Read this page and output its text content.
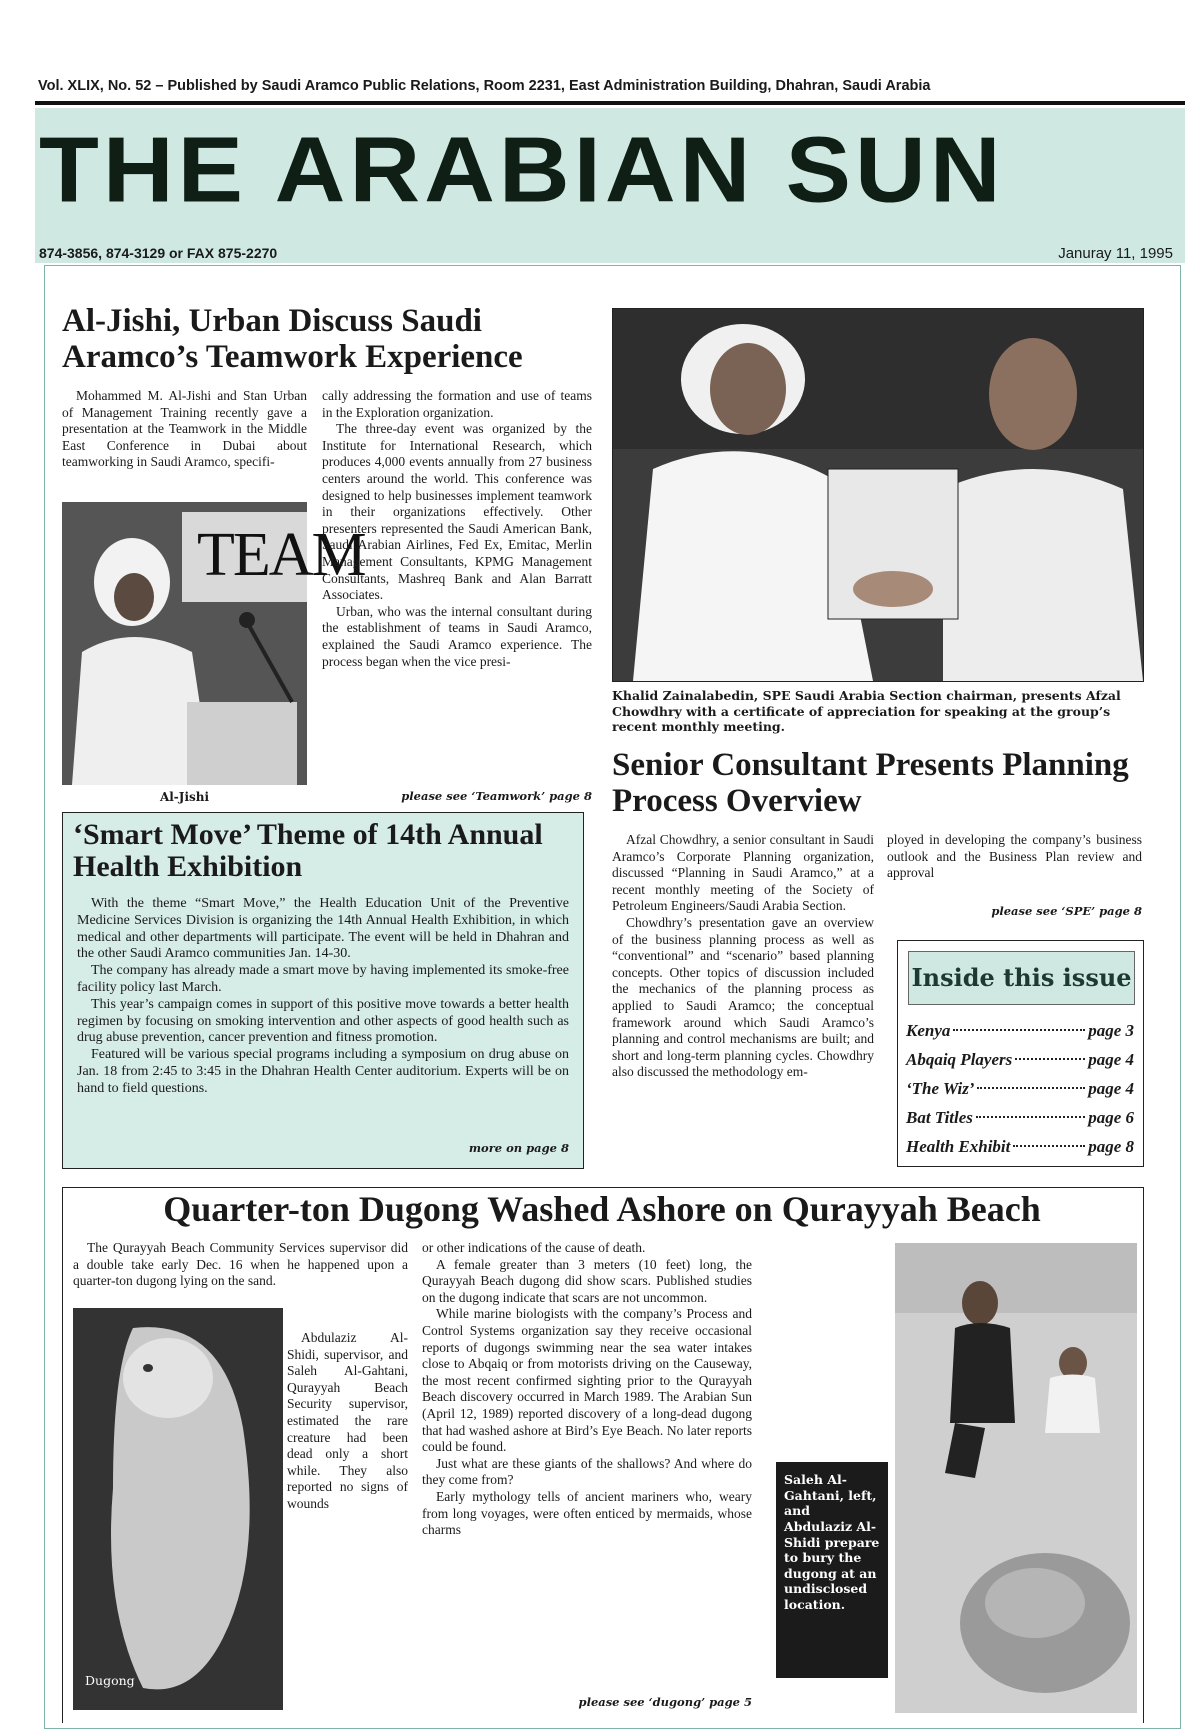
Vol. XLIX, No. 52 – Published by Saudi Aramco Public Relations, Room 2231, East Administration Building, Dhahran, Saudi Arabia
THE ARABIAN SUN
874-3856, 874-3129 or FAX 875-2270	Januray 11, 1995
Al-Jishi, Urban Discuss Saudi Aramco’s Teamwork Experience

Mohammed M. Al-Jishi and Stan Urban of Management Training recently gave a presentation at the Teamwork in the Middle East Conference in Dubai about teamworking in Saudi Aramco, specifi-

TEAM
Al-Jishi

cally addressing the formation and use of teams in the Exploration organization.

The three-day event was organized by the Institute for International Research, which produces 4,000 events annually from 27 business centers around the world. This conference was designed to help businesses implement teamwork in their organizations effectively. Other presenters represented the Saudi American Bank, Saudi Arabian Airlines, Fed Ex, Emitac, Merlin Management Consultants, KPMG Management Consultants, Mashreq Bank and Alan Barratt Associates.

Urban, who was the internal consultant during the establishment of teams in Saudi Aramco, explained the Saudi Aramco experience. The process began when the vice presi-

please see ‘Teamwork’ page 8
Khalid Zainalabedin, SPE Saudi Arabia Section chairman, presents Afzal Chowdhry with a certificate of appreciation for speaking at the group’s recent monthly meeting.
Senior Consultant Presents Planning Process Overview

Afzal Chowdhry, a senior consultant in Saudi Aramco’s Corporate Planning organization, discussed “Planning in Saudi Aramco,” at a recent monthly meeting of the Society of Petroleum Engineers/Saudi Arabia Section.

Chowdhry’s presentation gave an overview of the business planning process as well as “conventional” and “scenario” based planning concepts. Other topics of discussion included the mechanics of the planning process as applied to Saudi Aramco; the conceptual framework around which Saudi Aramco’s planning and control mechanisms are built; and short and long-term planning cycles. Chowdhry also discussed the methodology em-

ployed in developing the company’s business outlook and the Business Plan review and approval

please see ‘SPE’ page 8
Inside this issue
Kenya	page 3
Abqaiq Players	page 4
‘The Wiz’	page 4
Bat Titles	page 6
Health Exhibit	page 8
‘Smart Move’ Theme of 14th Annual Health Exhibition

With the theme “Smart Move,” the Health Education Unit of the Preventive Medicine Services Division is organizing the 14th Annual Health Exhibition, in which medical and other departments will participate. The event will be held in Dhahran and the other Saudi Aramco communities Jan. 14-30.

The company has already made a smart move by having implemented its smoke-free facility policy last March.

This year’s campaign comes in support of this positive move towards a better health regimen by focusing on smoking intervention and other aspects of good health such as drug abuse prevention, cancer prevention and fitness promotion.

Featured will be various special programs including a symposium on drug abuse on Jan. 18 from 2:45 to 3:45 in the Dhahran Health Center auditorium. Experts will be on hand to field questions.

more on page 8
Quarter-ton Dugong Washed Ashore on Qurayyah Beach

The Qurayyah Beach Community Services supervisor did a double take early Dec. 16 when he happened upon a quarter-ton dugong lying on the sand.

Dugong

Abdulaziz Al-Shidi, supervisor, and Saleh Al-Gahtani, Qurayyah Beach Security supervisor, estimated the rare creature had been dead only a short while. They also reported no signs of wounds

or other indications of the cause of death.

A female greater than 3 meters (10 feet) long, the Qurayyah Beach dugong did show scars. Published studies on the dugong indicate that scars are not uncommon.

While marine biologists with the company’s Process and Control Systems organization say they receive occasional reports of dugongs swimming near the sea water intakes close to Abqaiq or from motorists driving on the Causeway, the most recent confirmed sighting prior to the Qurayyah Beach discovery occurred in March 1989. The Arabian Sun (April 12, 1989) reported discovery of a long-dead dugong that had washed ashore at Bird’s Eye Beach. No later reports could be found.

Just what are these giants of the shallows? And where do they come from?

Early mythology tells of ancient mariners who, weary from long voyages, were often enticed by mermaids, whose charms

please see ‘dugong’ page 5
Saleh Al-Gahtani, left, and Abdulaziz Al-Shidi prepare to bury the dugong at an undisclosed location.
